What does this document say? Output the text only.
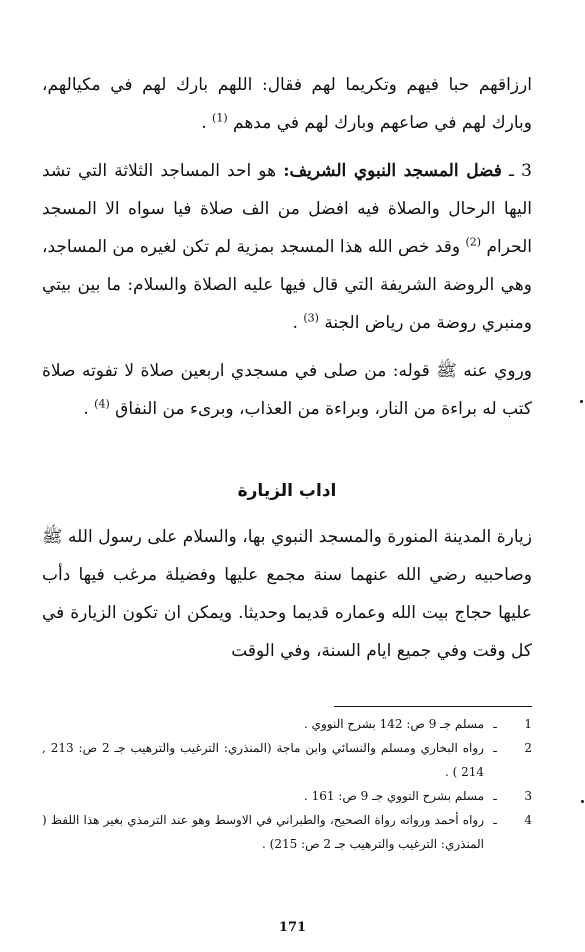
ارزاقهم حبا فيهم وتكريما لهم فقال: اللهم بارك لهم في مكيالهم، وبارك لهم في صاعهم وبارك لهم في مدهم $^{(1)}$ .

3 ـ فضل المسجد النبوي الشريف: هو احد المساجد الثلاثة التي تشد اليها الرحال والصلاة فيه افضل من الف صلاة فيا سواه الا المسجد الحرام $^{(2)}$ وقد خص الله هذا المسجد بمزية لم تكن لغيره من المساجد، وهي الروضة الشريفة التي قال فيها عليه الصلاة والسلام: ما بين بيتي ومنبري روضة من رياض الجنة $^{(3)}$ .

وروي عنه ﷺ قوله: من صلى في مسجدي اربعين صلاة لا تفوته صلاة كتب له براءة من النار، وبراءة من العذاب، وبرىء من النفاق $^{(4)}$ .

اداب الزيارة

زيارة المدينة المنورة والمسجد النبوي بها، والسلام على رسول الله ﷺ وصاحبيه رضي الله عنهما سنة مجمع عليها وفضيلة مرغب فيها دأب عليها حجاج بيت الله وعماره قديما وحديثا. ويمكن ان تكون الزيارة في كل وقت وفي جميع ايام السنة، وفي الوقت

1
ـ
مسلم جـ 9 ص: 142 بشرح النووي .
2
ـ
رواه البخاري ومسلم والنسائي وابن ماجة (المنذري: الترغيب والترهيب جـ 2 ص: 213 , 214 ) .
3
ـ
مسلم بشرح النووي جـ 9 ص: 161 .
4
ـ
رواه أحمد ورواته رواة الصحيح، والطبراني في الاوسط وهو عند الترمذي بغير هذا اللفظ ( المنذري: الترغيب والترهيب جـ 2 ص: 215) .
171
